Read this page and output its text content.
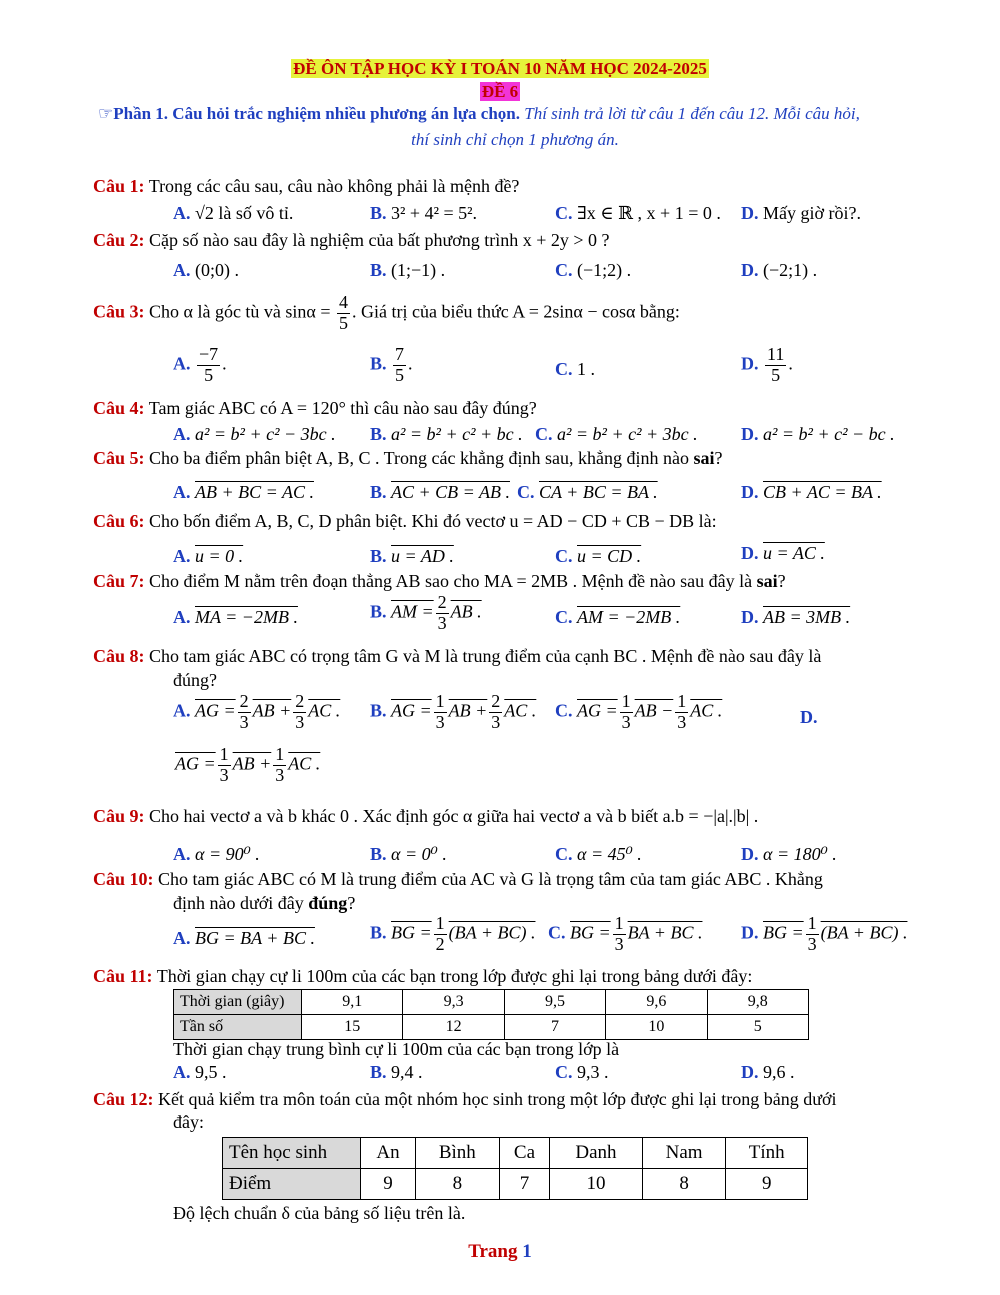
ĐỀ ÔN TẬP HỌC KỲ I TOÁN 10 NĂM HỌC 2024-2025
ĐỀ 6
☞Phần 1. Câu hỏi trắc nghiệm nhiều phương án lựa chọn. Thí sinh trả lời từ câu 1 đến câu 12. Mỗi câu hỏi,
thí sinh chỉ chọn 1 phương án.
Câu 1: Trong các câu sau, câu nào không phải là mệnh đề?
A. √2 là số vô tỉ.	B. 3² + 4² = 5².	C. ∃x ∈ ℝ , x + 1 = 0 . D. Mấy giờ rồi?.
Câu 2: Cặp số nào sau đây là nghiệm của bất phương trình x + 2y > 0 ?
A. (0;0) .	B. (1;−1) .	C. (−1;2) .	D. (−2;1) .
Câu 3: Cho α là góc tù và $\sin\alpha = \frac{4}{5}$ . Giá trị của biểu thức A = 2sinα − cosα bằng:
A. $\frac{-7}{5}$ .	B. $\frac{7}{5}$ .	C. 1 .	D. $\frac{11}{5}$ .
Câu 4: Tam giác ABC có A = 120° thì câu nào sau đây đúng?
A. a² = b² + c² − 3bc . B. a² = b² + c² + bc . C. a² = b² + c² + 3bc . D. a² = b² + c² − bc .
Câu 5: Cho ba điểm phân biệt A, B, C . Trong các khẳng định sau, khẳng định nào sai?
A. AB + BC = AC .	B. AC + CB = AB . C. CA + BC = BA .	D. CB + AC = BA .
Câu 6: Cho bốn điểm A, B, C, D phân biệt. Khi đó vectơ u = AD − CD + CB − DB là:
A. u = 0 .	B. u = AD .	C. u = CD .	D. u = AC .
Câu 7: Cho điểm M nằm trên đoạn thẳng AB sao cho MA = 2MB . Mệnh đề nào sau đây là sai?
A. MA = −2MB .	B. AM = $\frac{2}{3}$ AB .	C. AM = −2MB .	D. AB = 3MB .
Câu 8: Cho tam giác ABC có trọng tâm G và M là trung điểm của cạnh BC . Mệnh đề nào sau đây là
đúng?
A. AG = $\frac{2}{3}$ AB + $\frac{2}{3}$ AC . B. AG = $\frac{1}{3}$ AB + $\frac{2}{3}$ AC . C. AG = $\frac{1}{3}$ AB − $\frac{1}{3}$ AC .	D.
AG = $\frac{1}{3}$ AB + $\frac{1}{3}$ AC .
Câu 9: Cho hai vectơ a và b khác 0 . Xác định góc α giữa hai vectơ a và b biết a.b = −|a|.|b| .
A. α = 90⁰ .	B. α = 0⁰ .	C. α = 45⁰ .	D. α = 180⁰ .
Câu 10: Cho tam giác ABC có M là trung điểm của AC và G là trọng tâm của tam giác ABC . Khẳng
định nào dưới đây đúng?
A. BG = BA + BC .	B. BG = $\frac{1}{2} (BA + BC)$ . C. BG = $\frac{1}{3}$ BA + BC . D. BG = $\frac{1}{3} (BA + BC)$ .
Câu 11: Thời gian chạy cự li 100m của các bạn trong lớp được ghi lại trong bảng dưới đây:
Thời gian (giây)	9,1	9,3	9,5	9,6	9,8
Tần số	15	12	7	10	5
Thời gian chạy trung bình cự li 100m của các bạn trong lớp là
A. 9,5 .	B. 9,4 .	C. 9,3 .	D. 9,6 .
Câu 12: Kết quả kiểm tra môn toán của một nhóm học sinh trong một lớp được ghi lại trong bảng dưới
đây:
Tên học sinh	An	Bình	Ca	Danh	Nam	Tính
Điểm	9	8	7	10	8	9
Độ lệch chuẩn δ của bảng số liệu trên là.
Trang 1
